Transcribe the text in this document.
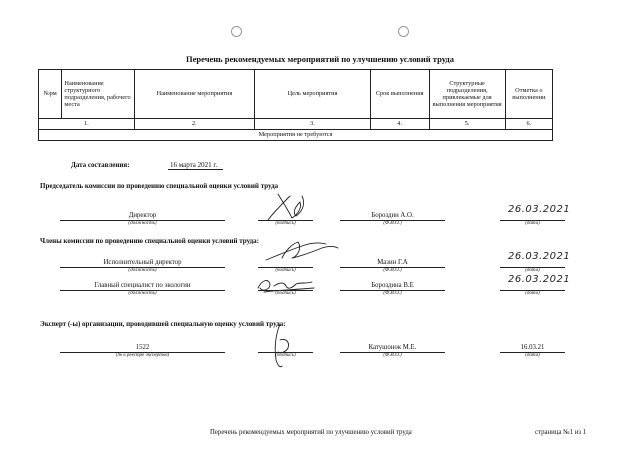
Перечень рекомендуемых мероприятий по улучшению условий труда
№рм	Наименование структурного подразделения, рабочего места	Наименование мероприятия	Цель мероприятия	Срок выполнения	Структурные подразделения, привлекаемые для выполнения мероприятия	Отметка о выполнении
1.		2.	3.	4.	5.	6.
Мероприятия не требуются						
Дата составления:	16 марта 2021 г.
Председатель комиссии по проведению специальной оценки условий труда
Директор
(должность)	(подпись)
Бороздин А.О.
(Ф.И.О.)
26.03.2021
(дата)
Члены комиссии по проведению специальной оценки условий труда:
Исполнительный директор
(должность)	(подпись)
Мазин Г.А
(Ф.И.О.)
26.03.2021
(дата)
Главный специалист по экологии
(должность)	(подпись)
Бороздина В.Е
(Ф.И.О.)
26.03.2021
(дата)
Эксперт (-ы) организации, проводившей специальную оценку условий труда:
1522
(№ в реестре экспертов)	(подпись)
Катушонок М.Е.
(Ф.И.О.)
16.03.21
(дата)
Перечень рекомендуемых мероприятий по улучшению условий труда	страница №1 из 1
